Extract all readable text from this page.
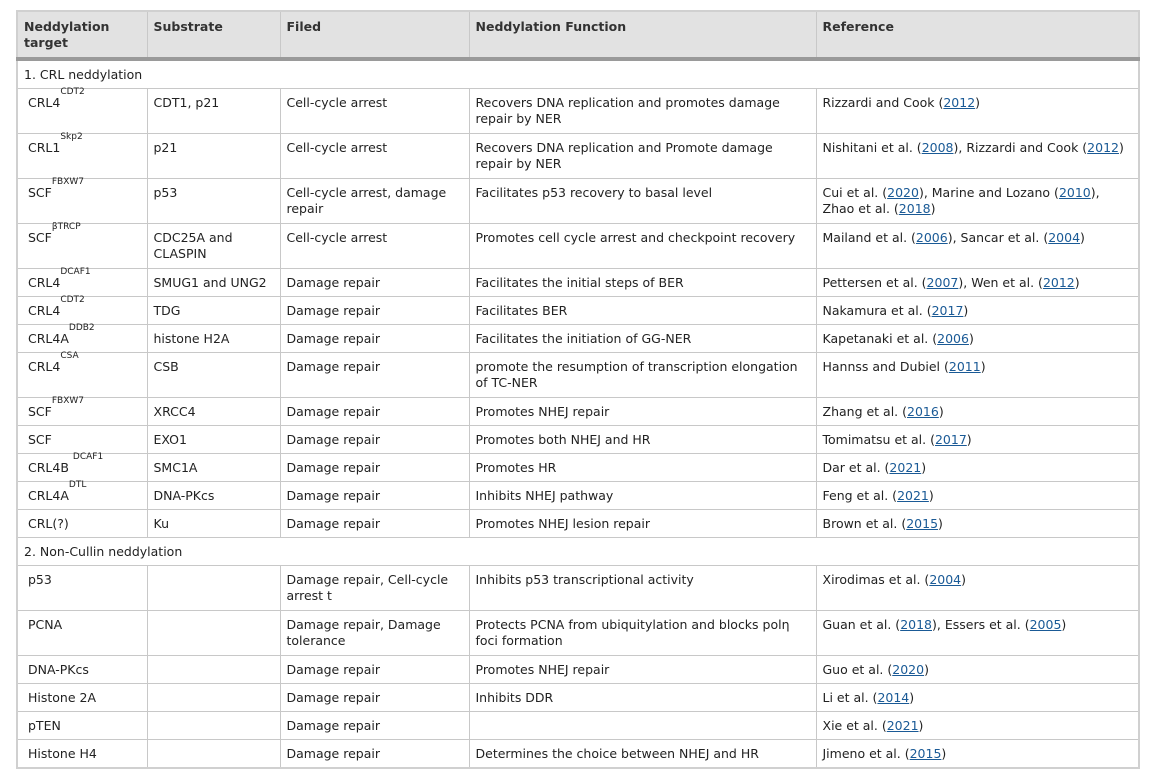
Neddylation target	Substrate	Filed	Neddylation Function	Reference
1. CRL neddylation				
$CRL4^{CDT2}$	CDT1, p21	Cell-cycle arrest	Recovers DNA replication and promotes damage repair by NER	Rizzardi and Cook (2012)
$CRL1^{Skp2}$	p21	Cell-cycle arrest	Recovers DNA replication and Promote damage repair by NER	Nishitani et al. (2008), Rizzardi and Cook (2012)
$SCF^{FBXW7}$	p53	Cell-cycle arrest, damage repair	Facilitates p53 recovery to basal level	Cui et al. (2020), Marine and Lozano (2010), Zhao et al. (2018)
$SCF^{\beta TRCP}$	CDC25A and CLASPIN	Cell-cycle arrest	Promotes cell cycle arrest and checkpoint recovery	Mailand et al. (2006), Sancar et al. (2004)
$CRL4^{DCAF1}$	SMUG1 and UNG2	Damage repair	Facilitates the initial steps of BER	Pettersen et al. (2007), Wen et al. (2012)
$CRL4^{CDT2}$	TDG	Damage repair	Facilitates BER	Nakamura et al. (2017)
$CRL4A^{DDB2}$	histone H2A	Damage repair	Facilitates the initiation of GG-NER	Kapetanaki et al. (2006)
$CRL4^{CSA}$	CSB	Damage repair	promote the resumption of transcription elongation of TC-NER	Hannss and Dubiel (2011)
$SCF^{FBXW7}$	XRCC4	Damage repair	Promotes NHEJ repair	Zhang et al. (2016)
SCF	EXO1	Damage repair	Promotes both NHEJ and HR	Tomimatsu et al. (2017)
CRL4B $^{DCAF1}$	SMC1A	Damage repair	Promotes HR	Dar et al. (2021)
$CRL4A^{DTL}$	DNA-PKcs	Damage repair	Inhibits NHEJ pathway	Feng et al. (2021)
CRL(?)	Ku	Damage repair	Promotes NHEJ lesion repair	Brown et al. (2015)
2. Non-Cullin neddylation				
p53		Damage repair, Cell-cycle arrest t	Inhibits p53 transcriptional activity	Xirodimas et al. (2004)
PCNA		Damage repair, Damage tolerance	Protects PCNA from ubiquitylation and blocks polη foci formation	Guan et al. (2018), Essers et al. (2005)
DNA-PKcs		Damage repair	Promotes NHEJ repair	Guo et al. (2020)
Histone 2A		Damage repair	Inhibits DDR	Li et al. (2014)
pTEN		Damage repair		Xie et al. (2021)
Histone H4		Damage repair	Determines the choice between NHEJ and HR	Jimeno et al. (2015)
